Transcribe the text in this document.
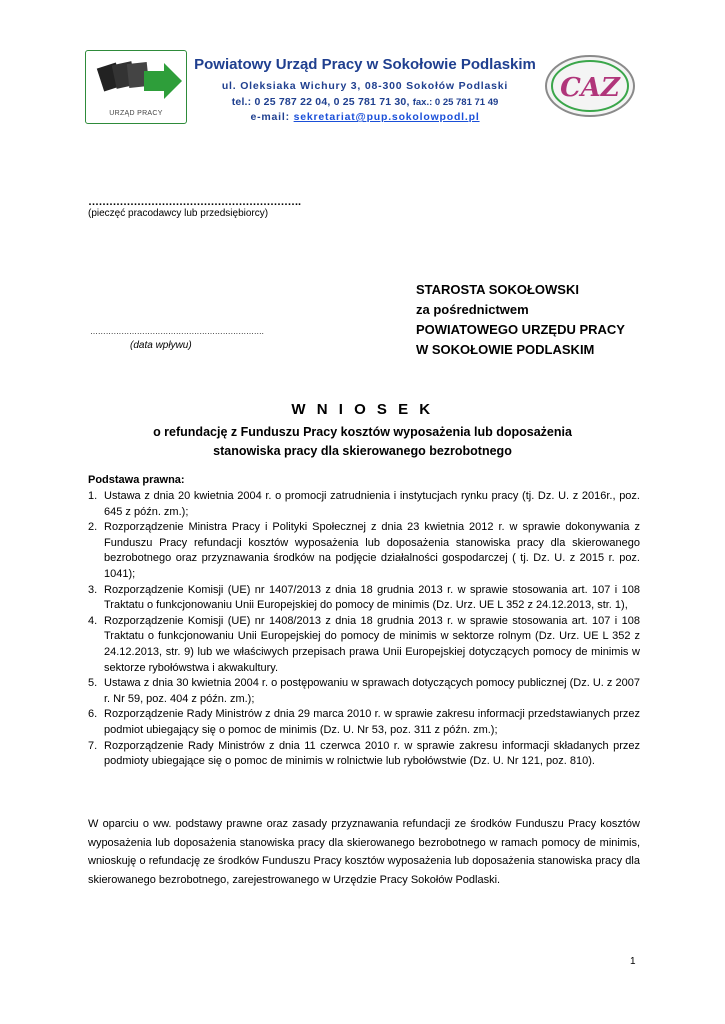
URZĄD PRACY
CAZ
Powiatowy Urząd Pracy w Sokołowie Podlaskim
ul. Oleksiaka Wichury 3, 08-300 Sokołów Podlaski
tel.: 0 25 787 22 04, 0 25 781 71 30, fax.: 0 25 781 71 49
e-mail: sekretariat@pup.sokolowpodl.pl
…………………………………………………….
(pieczęć pracodawcy lub przedsiębiorcy)
………………………………………………………….
(data wpływu)
STAROSTA SOKOŁOWSKI
za pośrednictwem
POWIATOWEGO URZĘDU PRACY
W SOKOŁOWIE PODLASKIM
W N I O S E K
o refundację z Funduszu Pracy kosztów wyposażenia lub doposażenia stanowiska pracy dla skierowanego bezrobotnego
Podstawa prawna:
1. Ustawa z dnia 20 kwietnia 2004 r. o promocji zatrudnienia i instytucjach rynku pracy (tj. Dz. U. z 2016r., poz. 645 z późn. zm.);
2. Rozporządzenie Ministra Pracy i Polityki Społecznej z dnia 23 kwietnia 2012 r. w sprawie dokonywania z Funduszu Pracy refundacji kosztów wyposażenia lub doposażenia stanowiska pracy dla skierowanego bezrobotnego oraz przyznawania środków na podjęcie działalności gospodarczej ( tj. Dz. U. z 2015 r. poz. 1041);
3. Rozporządzenie Komisji (UE) nr 1407/2013 z dnia 18 grudnia 2013 r. w sprawie stosowania art. 107 i 108 Traktatu o funkcjonowaniu Unii Europejskiej do pomocy de minimis (Dz. Urz. UE L 352 z 24.12.2013, str. 1),
4. Rozporządzenie Komisji (UE) nr 1408/2013 z dnia 18 grudnia 2013 r. w sprawie stosowania art. 107 i 108 Traktatu o funkcjonowaniu Unii Europejskiej do pomocy de minimis w sektorze rolnym (Dz. Urz. UE L 352 z 24.12.2013, str. 9) lub we właściwych przepisach prawa Unii Europejskiej dotyczących pomocy de minimis w sektorze rybołówstwa i akwakultury.
5. Ustawa z dnia 30 kwietnia 2004 r. o postępowaniu w sprawach dotyczących pomocy publicznej (Dz. U. z 2007 r. Nr 59, poz. 404 z późn. zm.);
6. Rozporządzenie Rady Ministrów z dnia 29 marca 2010 r. w sprawie zakresu informacji przedstawianych przez podmiot ubiegający się o pomoc de minimis (Dz. U. Nr 53, poz. 311 z późn. zm.);
7. Rozporządzenie Rady Ministrów z dnia 11 czerwca 2010 r. w sprawie zakresu informacji składanych przez podmioty ubiegające się o pomoc de minimis w rolnictwie lub rybołówstwie (Dz. U. Nr 121, poz. 810).
W oparciu o ww. podstawy prawne oraz zasady przyznawania refundacji ze środków Funduszu Pracy kosztów wyposażenia lub doposażenia stanowiska pracy dla skierowanego bezrobotnego w ramach pomocy de minimis, wnioskuję o refundację ze środków Funduszu Pracy kosztów wyposażenia lub doposażenia stanowiska pracy dla skierowanego bezrobotnego, zarejestrowanego w Urzędzie Pracy Sokołów Podlaski.
1
